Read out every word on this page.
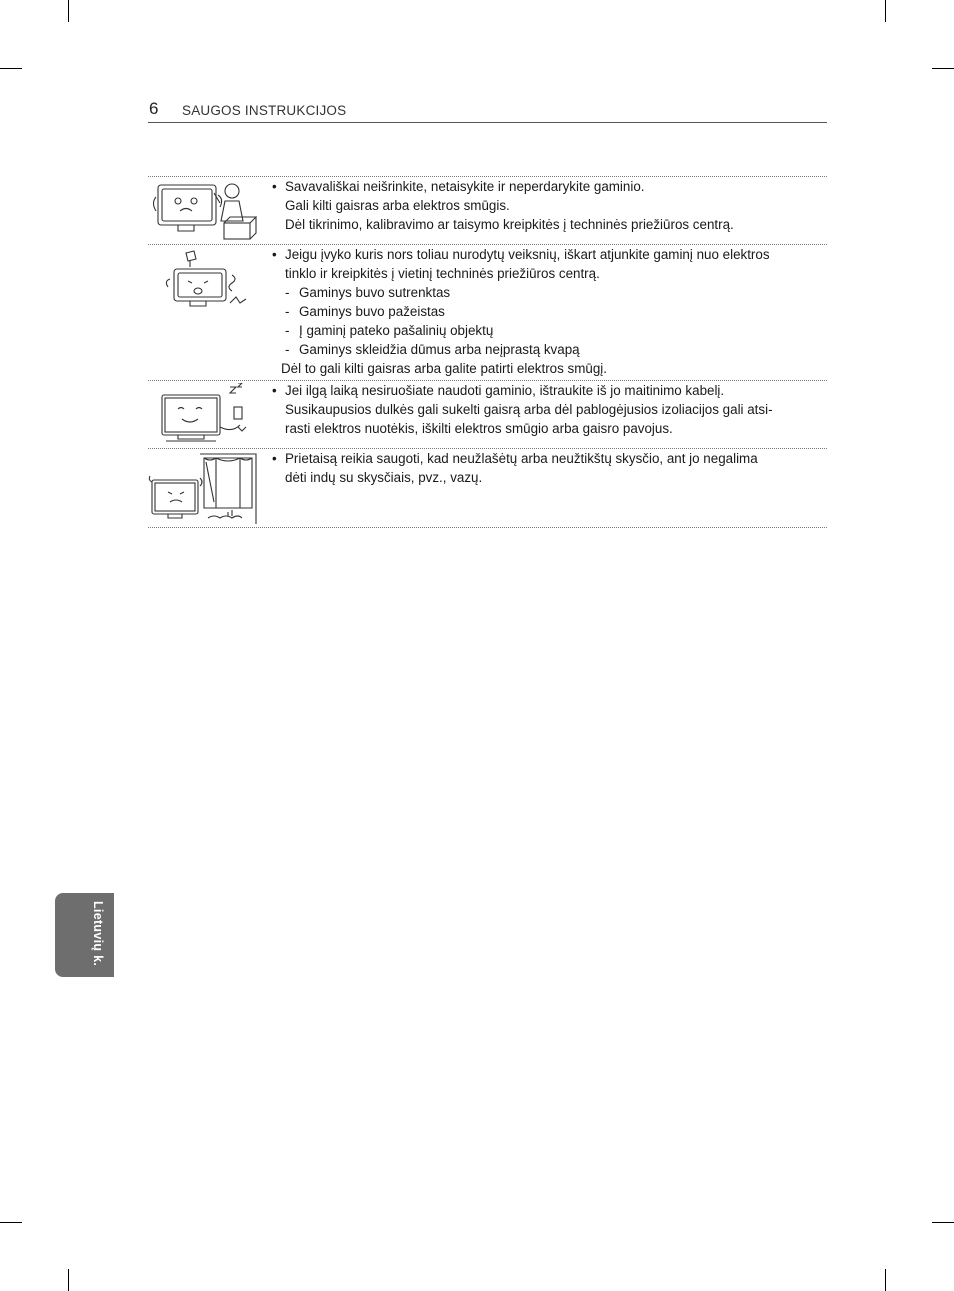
6 SAUGOS INSTRUKCIJOS
• Savavališkai neišrinkite, netaisykite ir neperdarykite gaminio.
Gali kilti gaisras arba elektros smūgis.
Dėl tikrinimo, kalibravimo ar taisymo kreipkitės į techninės priežiūros centrą.
• Jeigu įvyko kuris nors toliau nurodytų veiksnių, iškart atjunkite gaminį nuo elektros
tinklo ir kreipkitės į vietinį techninės priežiūros centrą.
- Gaminys buvo sutrenktas
- Gaminys buvo pažeistas
- Į gaminį pateko pašalinių objektų
- Gaminys skleidžia dūmus arba neįprastą kvapą
Dėl to gali kilti gaisras arba galite patirti elektros smūgį.
• Jei ilgą laiką nesiruošiate naudoti gaminio, ištraukite iš jo maitinimo kabelį.
Susikaupusios dulkės gali sukelti gaisrą arba dėl pablogėjusios izoliacijos gali atsi-
rasti elektros nuotėkis, iškilti elektros smūgio arba gaisro pavojus.
• Prietaisą reikia saugoti, kad neužlašėtų arba neužtikštų skysčio, ant jo negalima
dėti indų su skysčiais, pvz., vazų.
Lietuvių k.
